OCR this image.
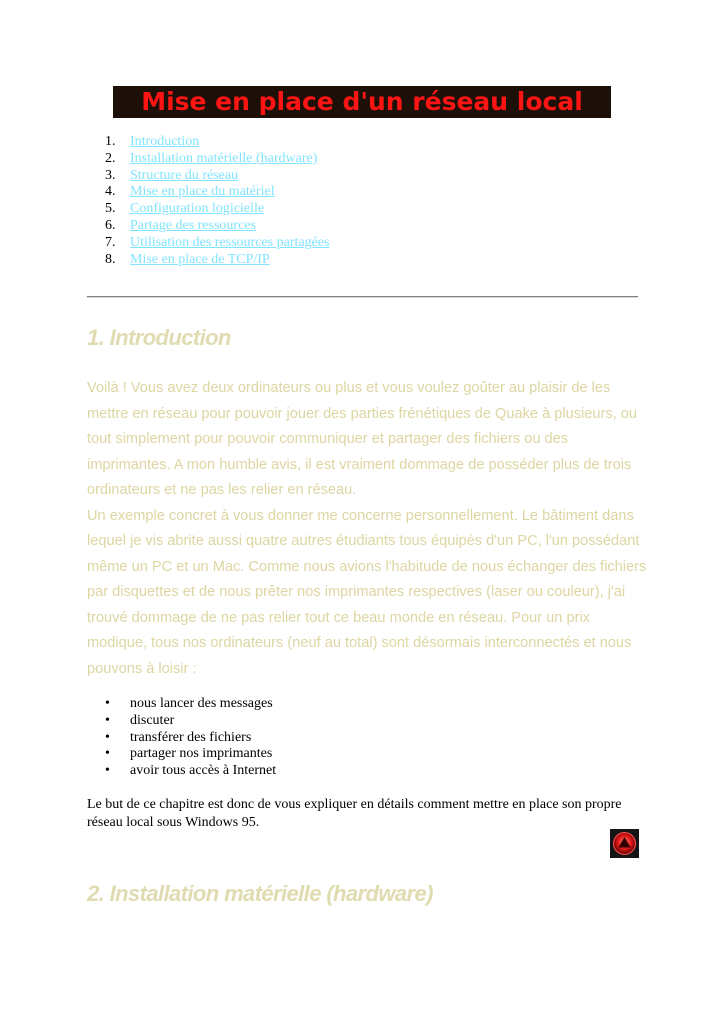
Mise en place d'un réseau local
1. Introduction
2. Installation matérielle (hardware)
3. Structure du réseau
4. Mise en place du matériel
5. Configuration logicielle
6. Partage des ressources
7. Utilisation des ressources partagées
8. Mise en place de TCP/IP
1. Introduction

Voilà ! Vous avez deux ordinateurs ou plus et vous voulez goûter au plaisir de les mettre en réseau pour pouvoir jouer des parties frénétiques de Quake à plusieurs, ou tout simplement pour pouvoir communiquer et partager des fichiers ou des imprimantes. A mon humble avis, il est vraiment dommage de posséder plus de trois ordinateurs et ne pas les relier en réseau.

Un exemple concret à vous donner me concerne personnellement. Le bâtiment dans lequel je vis abrite aussi quatre autres étudiants tous équipés d'un PC, l'un possédant même un PC et un Mac. Comme nous avions l'habitude de nous échanger des fichiers par disquettes et de nous prêter nos imprimantes respectives (laser ou couleur), j'ai trouvé dommage de ne pas relier tout ce beau monde en réseau. Pour un prix modique, tous nos ordinateurs (neuf au total) sont désormais interconnectés et nous pouvons à loisir :

• nous lancer des messages
• discuter
• transférer des fichiers
• partager nos imprimantes
• avoir tous accès à Internet

Le but de ce chapitre est donc de vous expliquer en détails comment mettre en place son propre réseau local sous Windows 95.

2. Installation matérielle (hardware)
